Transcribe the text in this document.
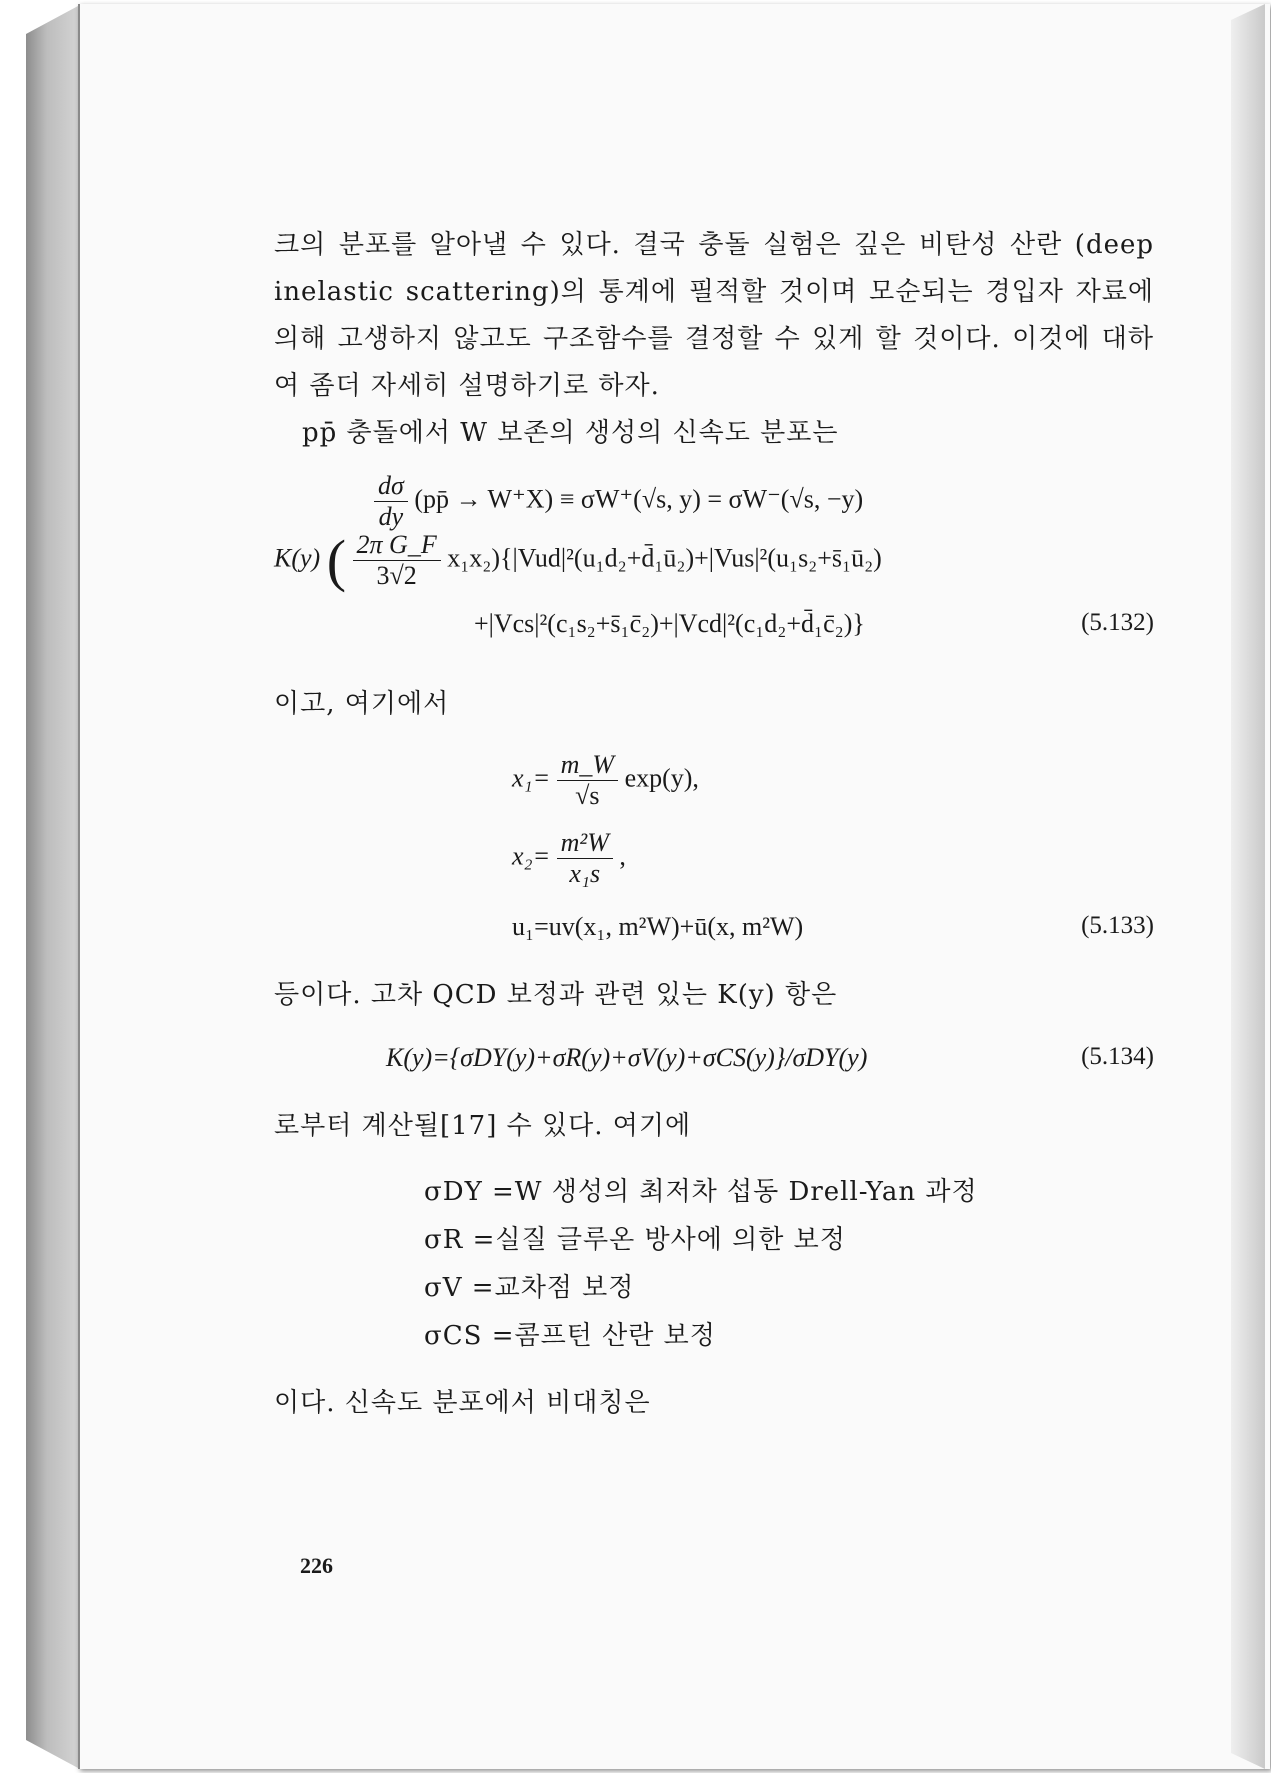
크의 분포를 알아낼 수 있다. 결국 충돌 실험은 깊은 비탄성 산란 (deep inelastic scattering)의 통계에 필적할 것이며 모순되는 경입자 자료에 의해 고생하지 않고도 구조함수를 결정할 수 있게 할 것이다. 이것에 대하여 좀더 자세히 설명하기로 하자.

pp̄ 충돌에서 W 보존의 생성의 신속도 분포는

$\frac{d\sigma}{dy}$ (pp̄ → W⁺X) ≡ σW⁺(√s, y) = σW⁻(√s, −y)
K(y) ( $\frac{\text{2π G\_F}}{3√2}$ x₁x₂){|Vud|²(u₁d₂+d̄₁ū₂)+|Vus|²(u₁s₂+s̄₁ū₂)
+|Vcs|²(c₁s₂+s̄₁c̄₂)+|Vcd|²(c₁d₂+d̄₁c̄₂)}	(5.132)

이고, 여기에서

$x_1= \frac{m\_W}{√s} \exp(y)$,
$x_2= \frac{\text{m²W}}{\text{x₁s}}$ ,
u₁=uv(x₁, m²W)+ū(x, m²W)	(5.133)

등이다. 고차 QCD 보정과 관련 있는 K(y) 항은

K(y)={σDY(y)+σR(y)+σV(y)+σCS(y)}/σDY(y)	(5.134)

로부터 계산될[17] 수 있다. 여기에

σDY =W 생성의 최저차 섭동 Drell-Yan 과정
σR =실질 글루온 방사에 의한 보정
σV =교차점 보정
σCS =콤프턴 산란 보정

이다. 신속도 분포에서 비대칭은

226
